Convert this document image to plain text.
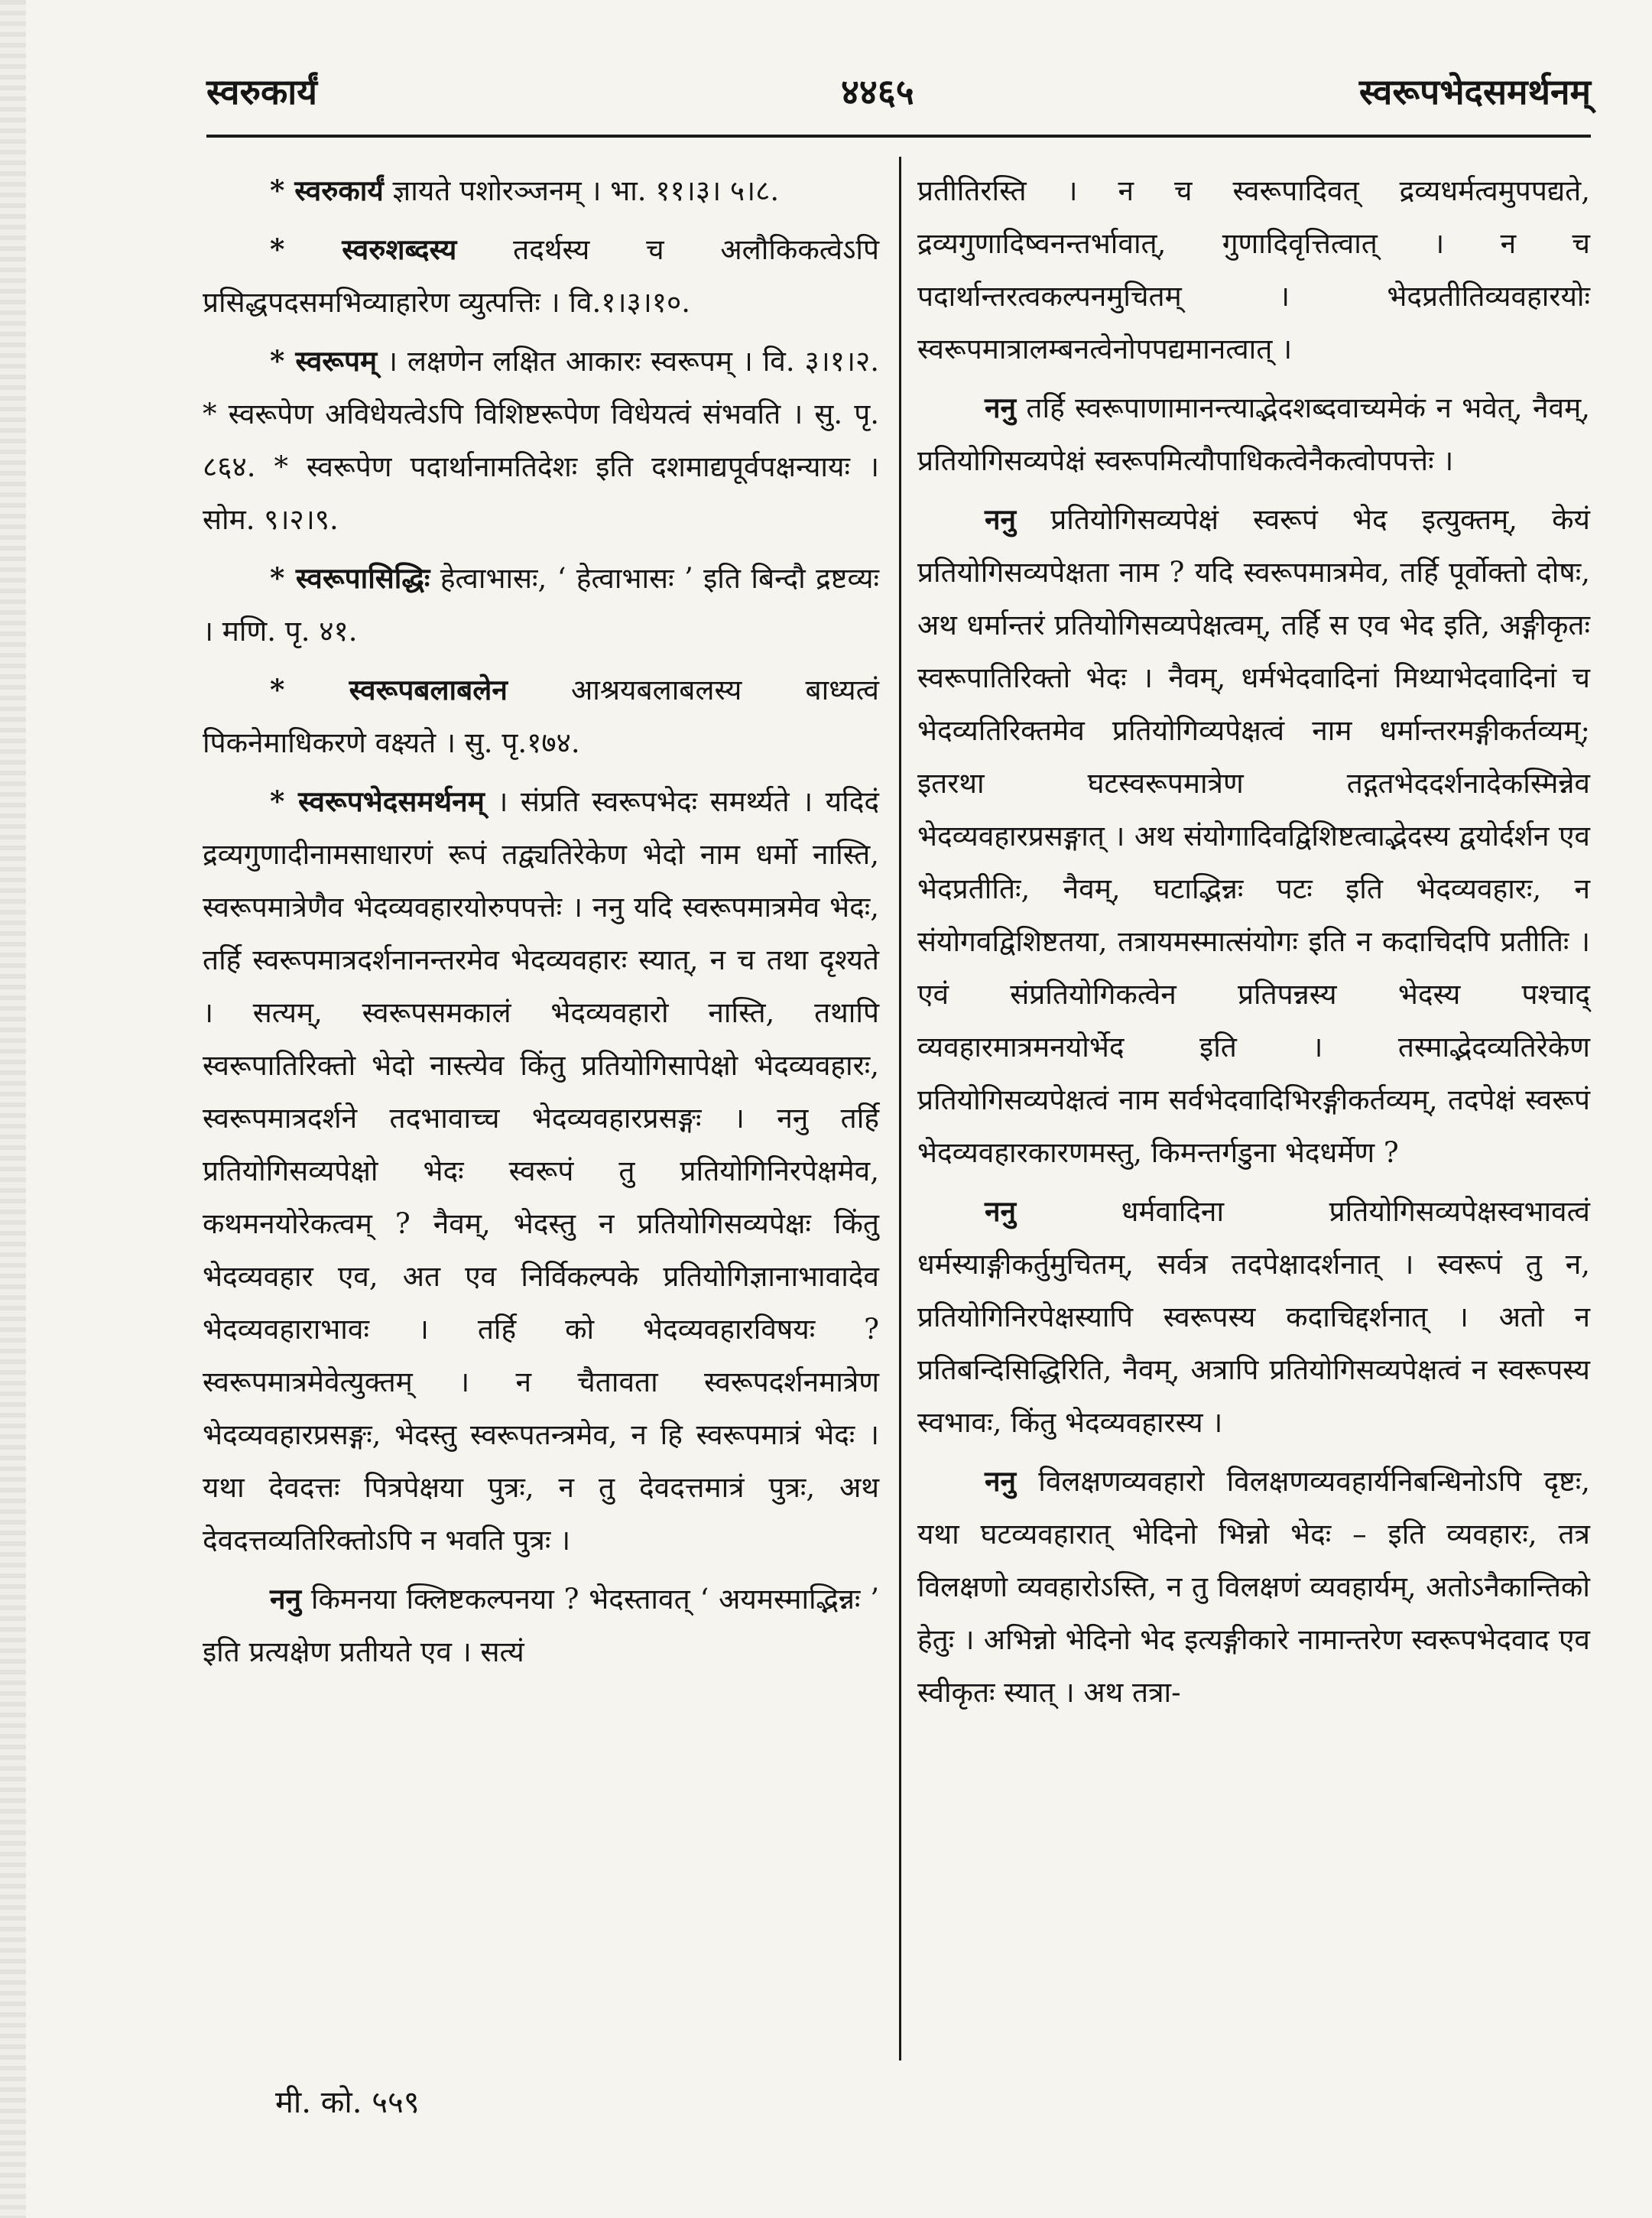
स्वरुकार्यं	४४६५	स्वरूपभेदसमर्थनम्

* स्वरुकार्यं ज्ञायते पशोरञ्जनम् । भा. ११।३। ५।८.

* स्वरुशब्दस्य तदर्थस्य च अलौकिकत्वेऽपि प्रसिद्धपदसमभिव्याहारेण व्युत्पत्तिः । वि.१।३।१०.

* स्वरूपम् । लक्षणेन लक्षित आकारः स्वरूपम् । वि. ३।१।२. * स्वरूपेण अविधेयत्वेऽपि विशिष्टरूपेण विधेयत्वं संभवति । सु. पृ. ८६४. * स्वरूपेण पदार्थानामतिदेशः इति दशमाद्यपूर्वपक्षन्यायः । सोम. ९।२।९.

* स्वरूपासिद्धिः हेत्वाभासः, ‘ हेत्वाभासः ’ इति बिन्दौ द्रष्टव्यः । मणि. पृ. ४१.

* स्वरूपबलाबलेन आश्रयबलाबलस्य बाध्यत्वं पिकनेमाधिकरणे वक्ष्यते । सु. पृ.१७४.

* स्वरूपभेदसमर्थनम् । संप्रति स्वरूपभेदः समर्थ्यते । यदिदं द्रव्यगुणादीनामसाधारणं रूपं तद्व्यतिरेकेण भेदो नाम धर्मो नास्ति, स्वरूपमात्रेणैव भेदव्यवहारयोरुपपत्तेः । ननु यदि स्वरूपमात्रमेव भेदः, तर्हि स्वरूपमात्रदर्शनानन्तरमेव भेदव्यवहारः स्यात्, न च तथा दृश्यते । सत्यम्, स्वरूपसमकालं भेदव्यवहारो नास्ति, तथापि स्वरूपातिरिक्तो भेदो नास्त्येव किंतु प्रतियोगिसापेक्षो भेदव्यवहारः, स्वरूपमात्रदर्शने तदभावाच्च भेदव्यवहारप्रसङ्गः । ननु तर्हि प्रतियोगिसव्यपेक्षो भेदः स्वरूपं तु प्रतियोगिनिरपेक्षमेव, कथमनयोरेकत्वम् ? नैवम्, भेदस्तु न प्रतियोगिसव्यपेक्षः किंतु भेदव्यवहार एव, अत एव निर्विकल्पके प्रतियोगिज्ञानाभावादेव भेदव्यवहाराभावः । तर्हि को भेदव्यवहारविषयः ? स्वरूपमात्रमेवेत्युक्तम् । न चैतावता स्वरूपदर्शनमात्रेण भेदव्यवहारप्रसङ्गः, भेदस्तु स्वरूपतन्त्रमेव, न हि स्वरूपमात्रं भेदः । यथा देवदत्तः पित्रपेक्षया पुत्रः, न तु देवदत्तमात्रं पुत्रः, अथ देवदत्तव्यतिरिक्तोऽपि न भवति पुत्रः ।

ननु किमनया क्लिष्टकल्पनया ? भेदस्तावत् ‘ अयमस्माद्भिन्नः ’ इति प्रत्यक्षेण प्रतीयते एव । सत्यं

प्रतीतिरस्ति । न च स्वरूपादिवत् द्रव्यधर्मत्वमुपपद्यते, द्रव्यगुणादिष्वनन्तर्भावात्, गुणादिवृत्तित्वात् । न च पदार्थान्तरत्वकल्पनमुचितम् । भेदप्रतीतिव्यवहारयोः स्वरूपमात्रालम्बनत्वेनोपपद्यमानत्वात् ।

ननु तर्हि स्वरूपाणामानन्त्याद्भेदशब्दवाच्यमेकं न भवेत्, नैवम्, प्रतियोगिसव्यपेक्षं स्वरूपमित्यौपाधिकत्वेनैकत्वोपपत्तेः ।

ननु प्रतियोगिसव्यपेक्षं स्वरूपं भेद इत्युक्तम्, केयं प्रतियोगिसव्यपेक्षता नाम ? यदि स्वरूपमात्रमेव, तर्हि पूर्वोक्तो दोषः, अथ धर्मान्तरं प्रतियोगिसव्यपेक्षत्वम्, तर्हि स एव भेद इति, अङ्गीकृतः स्वरूपातिरिक्तो भेदः । नैवम्, धर्मभेदवादिनां मिथ्याभेदवादिनां च भेदव्यतिरिक्तमेव प्रतियोगिव्यपेक्षत्वं नाम धर्मान्तरमङ्गीकर्तव्यम्; इतरथा घटस्वरूपमात्रेण तद्गतभेददर्शनादेकस्मिन्नेव भेदव्यवहारप्रसङ्गात् । अथ संयोगादिवद्विशिष्टत्वाद्भेदस्य द्वयोर्दर्शन एव भेदप्रतीतिः, नैवम्, घटाद्भिन्नः पटः इति भेदव्यवहारः, न संयोगवद्विशिष्टतया, तत्रायमस्मात्संयोगः इति न कदाचिदपि प्रतीतिः । एवं संप्रतियोगिकत्वेन प्रतिपन्नस्य भेदस्य पश्चाद् व्यवहारमात्रमनयोर्भेद इति । तस्माद्भेदव्यतिरेकेण प्रतियोगिसव्यपेक्षत्वं नाम सर्वभेदवादिभिरङ्गीकर्तव्यम्, तदपेक्षं स्वरूपं भेदव्यवहारकारणमस्तु, किमन्तर्गडुना भेदधर्मेण ?

ननु धर्मवादिना प्रतियोगिसव्यपेक्षस्वभावत्वं धर्मस्याङ्गीकर्तुमुचितम्, सर्वत्र तदपेक्षादर्शनात् । स्वरूपं तु न, प्रतियोगिनिरपेक्षस्यापि स्वरूपस्य कदाचिद्दर्शनात् । अतो न प्रतिबन्दिसिद्धिरिति, नैवम्, अत्रापि प्रतियोगिसव्यपेक्षत्वं न स्वरूपस्य स्वभावः, किंतु भेदव्यवहारस्य ।

ननु विलक्षणव्यवहारो विलक्षणव्यवहार्यनिबन्धिनोऽपि दृष्टः, यथा घटव्यवहारात् भेदिनो भिन्नो भेदः – इति व्यवहारः, तत्र विलक्षणो व्यवहारोऽस्ति, न तु विलक्षणं व्यवहार्यम्, अतोऽनैकान्तिको हेतुः । अभिन्नो भेदिनो भेद इत्यङ्गीकारे नामान्तरेण स्वरूपभेदवाद एव स्वीकृतः स्यात् । अथ तत्रा-

मी. को. ५५९
